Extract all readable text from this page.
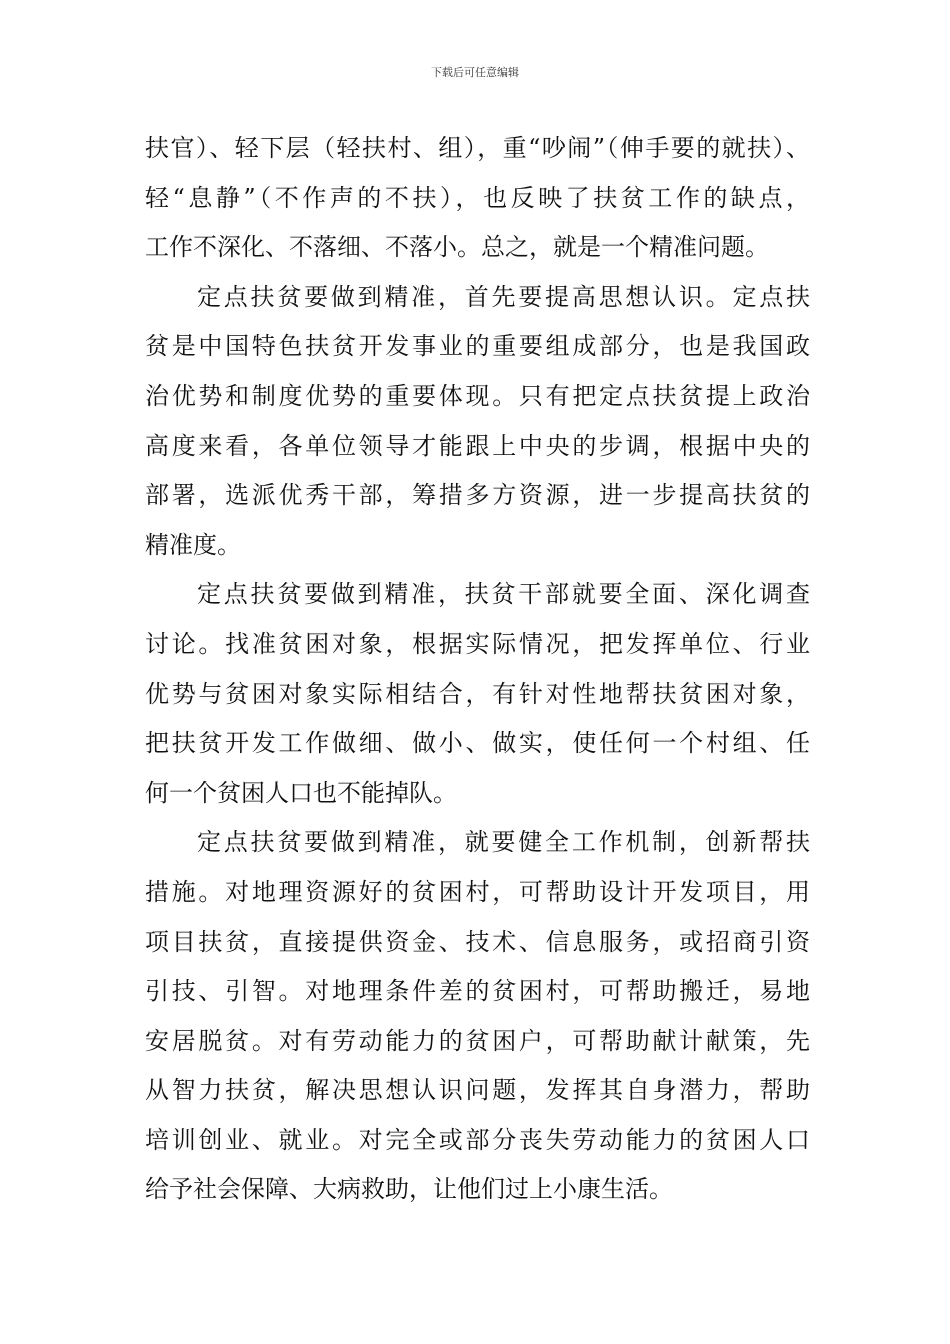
下载后可任意编辑
扶官）、轻下层（轻扶村、组），重“吵闹”（伸手要的就扶）、
轻“息静”（不作声的不扶），也反映了扶贫工作的缺点，
工作不深化、不落细、不落小。总之，就是一个精准问题。
定点扶贫要做到精准，首先要提高思想认识。定点扶
贫是中国特色扶贫开发事业的重要组成部分，也是我国政
治优势和制度优势的重要体现。只有把定点扶贫提上政治
高度来看，各单位领导才能跟上中央的步调，根据中央的
部署，选派优秀干部，筹措多方资源，进一步提高扶贫的
精准度。
定点扶贫要做到精准，扶贫干部就要全面、深化调查
讨论。找准贫困对象，根据实际情况，把发挥单位、行业
优势与贫困对象实际相结合，有针对性地帮扶贫困对象，
把扶贫开发工作做细、做小、做实，使任何一个村组、任
何一个贫困人口也不能掉队。
定点扶贫要做到精准，就要健全工作机制，创新帮扶
措施。对地理资源好的贫困村，可帮助设计开发项目，用
项目扶贫，直接提供资金、技术、信息服务，或招商引资
引技、引智。对地理条件差的贫困村，可帮助搬迁，易地
安居脱贫。对有劳动能力的贫困户，可帮助献计献策，先
从智力扶贫，解决思想认识问题，发挥其自身潜力，帮助
培训创业、就业。对完全或部分丧失劳动能力的贫困人口
给予社会保障、大病救助，让他们过上小康生活。
